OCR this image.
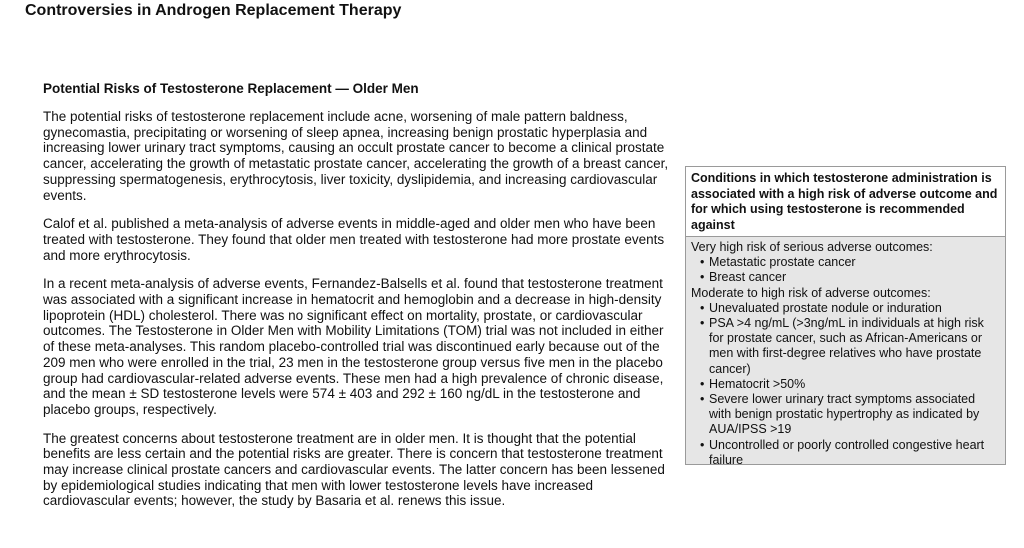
Controversies in Androgen Replacement Therapy
Potential Risks of Testosterone Replacement — Older Men

The potential risks of testosterone replacement include acne, worsening of male pattern baldness, gynecomastia, precipitating or worsening of sleep apnea, increasing benign prostatic hyperplasia and increasing lower urinary tract symptoms, causing an occult prostate cancer to become a clinical prostate cancer, accelerating the growth of metastatic prostate cancer, accelerating the growth of a breast cancer, suppressing spermatogenesis, erythrocytosis, liver toxicity, dyslipidemia, and increasing cardiovascular events.

Calof et al. published a meta-analysis of adverse events in middle-aged and older men who have been treated with testosterone. They found that older men treated with testosterone had more prostate events and more erythrocytosis.

In a recent meta-analysis of adverse events, Fernandez-Balsells et al. found that testosterone treatment was associated with a significant increase in hematocrit and hemoglobin and a decrease in high-density lipoprotein (HDL) cholesterol. There was no significant effect on mortality, prostate, or cardiovascular outcomes. The Testosterone in Older Men with Mobility Limitations (TOM) trial was not included in either of these meta-analyses. This random placebo-controlled trial was discontinued early because out of the 209 men who were enrolled in the trial, 23 men in the testosterone group versus five men in the placebo group had cardiovascular-related adverse events. These men had a high prevalence of chronic disease, and the mean ± SD testosterone levels were 574 ± 403 and 292 ± 160 ng/dL in the testosterone and placebo groups, respectively.

The greatest concerns about testosterone treatment are in older men. It is thought that the potential benefits are less certain and the potential risks are greater. There is concern that testosterone treatment may increase clinical prostate cancers and cardiovascular events. The latter concern has been lessened by epidemiological studies indicating that men with lower testosterone levels have increased cardiovascular events; however, the study by Basaria et al. renews this issue.

Conditions in which testosterone administration is associated with a high risk of adverse outcome and for which using testosterone is recommended against
Very high risk of serious adverse outcomes:
• Metastatic prostate cancer
• Breast cancer
Moderate to high risk of adverse outcomes:
• Unevaluated prostate nodule or induration
• PSA >4 ng/mL (>3ng/mL in individuals at high risk for prostate cancer, such as African-Americans or men with first-degree relatives who have prostate cancer)
• Hematocrit >50%
• Severe lower urinary tract symptoms associated with benign prostatic hypertrophy as indicated by AUA/IPSS >19
• Uncontrolled or poorly controlled congestive heart failure
